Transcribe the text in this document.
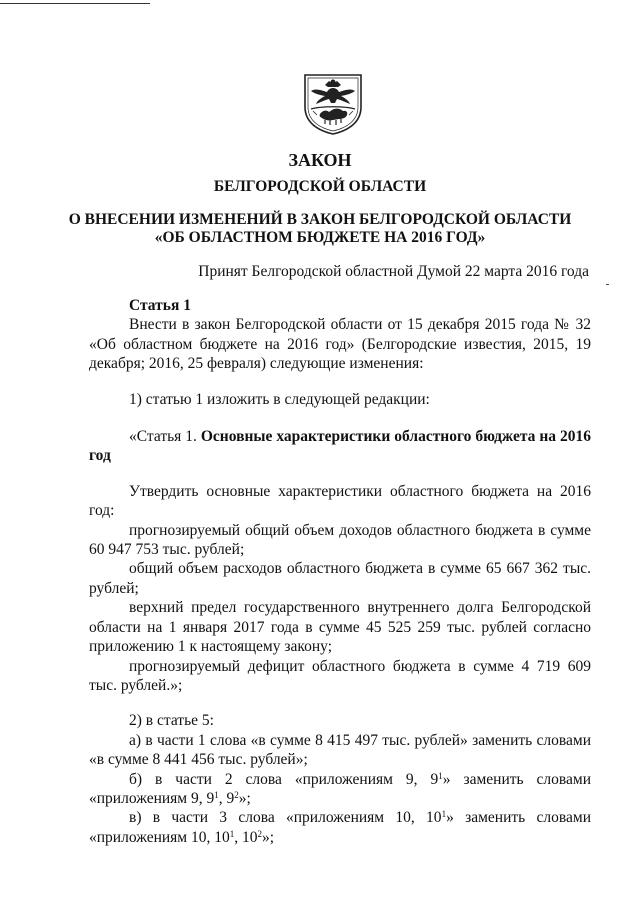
ЗАКОН
БЕЛГОРОДСКОЙ ОБЛАСТИ
О ВНЕСЕНИИ ИЗМЕНЕНИЙ В ЗАКОН БЕЛГОРОДСКОЙ ОБЛАСТИ
«ОБ ОБЛАСТНОМ БЮДЖЕТЕ НА 2016 ГОД»
Принят Белгородской областной Думой 22 марта 2016 года

Статья 1

Внести в закон Белгородской области от 15 декабря 2015 года № 32 «Об областном бюджете на 2016 год» (Белгородские известия, 2015, 19 декабря; 2016, 25 февраля) следующие изменения:

1) статью 1 изложить в следующей редакции:

«Статья 1. Основные характеристики областного бюджета на 2016 год

Утвердить основные характеристики областного бюджета на 2016 год:

прогнозируемый общий объем доходов областного бюджета в сумме 60 947 753 тыс. рублей;

общий объем расходов областного бюджета в сумме 65 667 362 тыс. рублей;

верхний предел государственного внутреннего долга Белгородской области на 1 января 2017 года в сумме 45 525 259 тыс. рублей согласно приложению 1 к настоящему закону;

прогнозируемый дефицит областного бюджета в сумме 4 719 609 тыс. рублей.»;

2) в статье 5:

а) в части 1 слова «в сумме 8 415 497 тыс. рублей» заменить словами «в сумме 8 441 456 тыс. рублей»;

б) в части 2 слова «приложениям 9, $9^1$» заменить словами «приложениям 9, $9^1$, $9^2$»;

в) в части 3 слова «приложениям 10, $10^1$» заменить словами «приложениям 10, $10^1$, $10^2$»;
